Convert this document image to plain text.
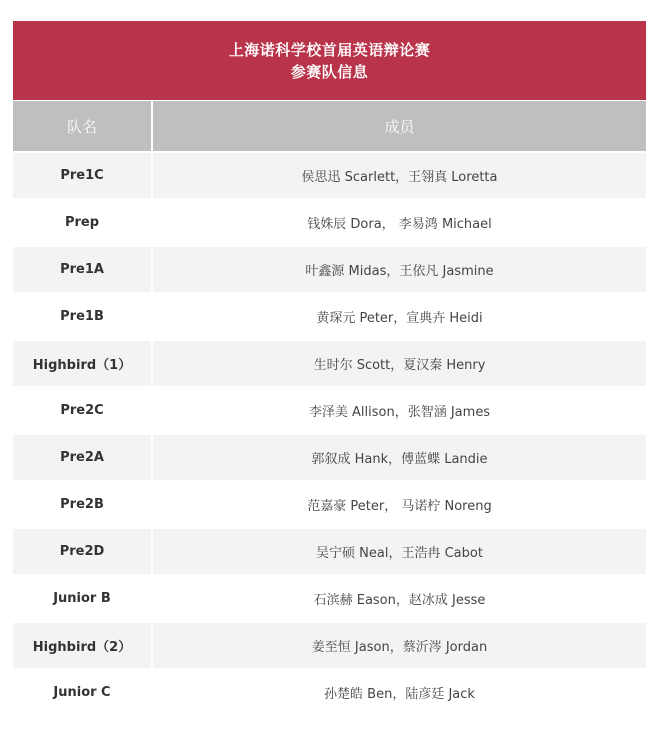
上海诺科学校首届英语辩论赛
参赛队信息
队名	成员
Pre1C	侯思迅 Scarlett，王翎真 Loretta
Prep	钱姝辰 Dora， 李易鸿 Michael
Pre1A	叶鑫源 Midas，王依凡 Jasmine
Pre1B	黄琛元 Peter，宣典卉 Heidi
Highbird（1）	生时尔 Scott，夏汉秦 Henry
Pre2C	李泽美 Allison，张智涵 James
Pre2A	郭叙成 Hank，傅蓝蝶 Landie
Pre2B	范嘉豪 Peter， 马诺柠 Noreng
Pre2D	吴宁硕 Neal，王浩冉 Cabot
Junior B	石滨赫 Eason，赵冰成 Jesse
Highbird（2）	姜至恒 Jason，蔡沂涔 Jordan
Junior C	孙楚皓 Ben，陆彦廷 Jack
